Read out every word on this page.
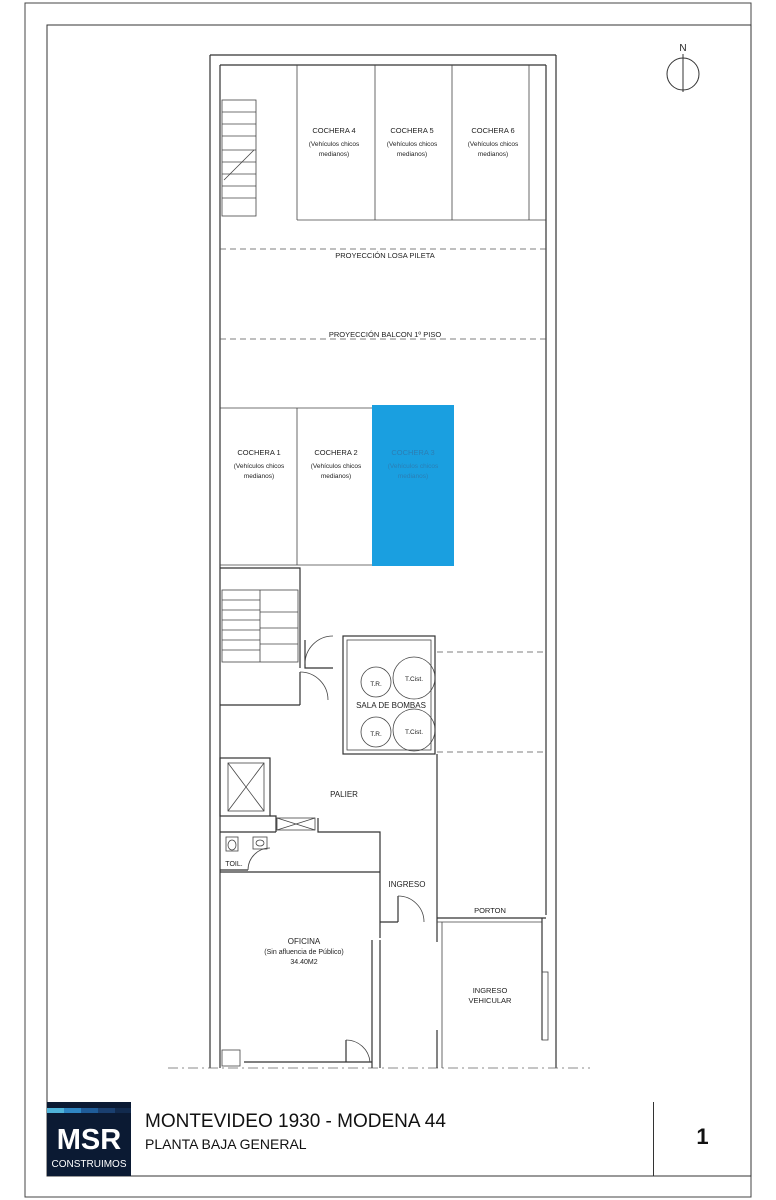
N
COCHERA 4
(Vehículos chicos
medianos)
COCHERA 5
(Vehículos chicos
medianos)
COCHERA 6
(Vehículos chicos
medianos)
PROYECCIÓN LOSA PILETA
PROYECCIÓN BALCON 1º PISO
COCHERA 1
(Vehículos chicos
medianos)
COCHERA 2
(Vehículos chicos
medianos)
COCHERA 3
(Vehículos chicos
medianos)
T.R.
T.Cist.
SALA DE BOMBAS
T.R.	T.Cist.
PALIER
TOIL.
INGRESO
PORTON
OFICINA
(Sin afluencia de Público)
34.40M2
INGRESO
VEHICULAR
MSR
CONSTRUIMOS
MONTEVIDEO 1930 - MODENA 44
PLANTA BAJA GENERAL	1
